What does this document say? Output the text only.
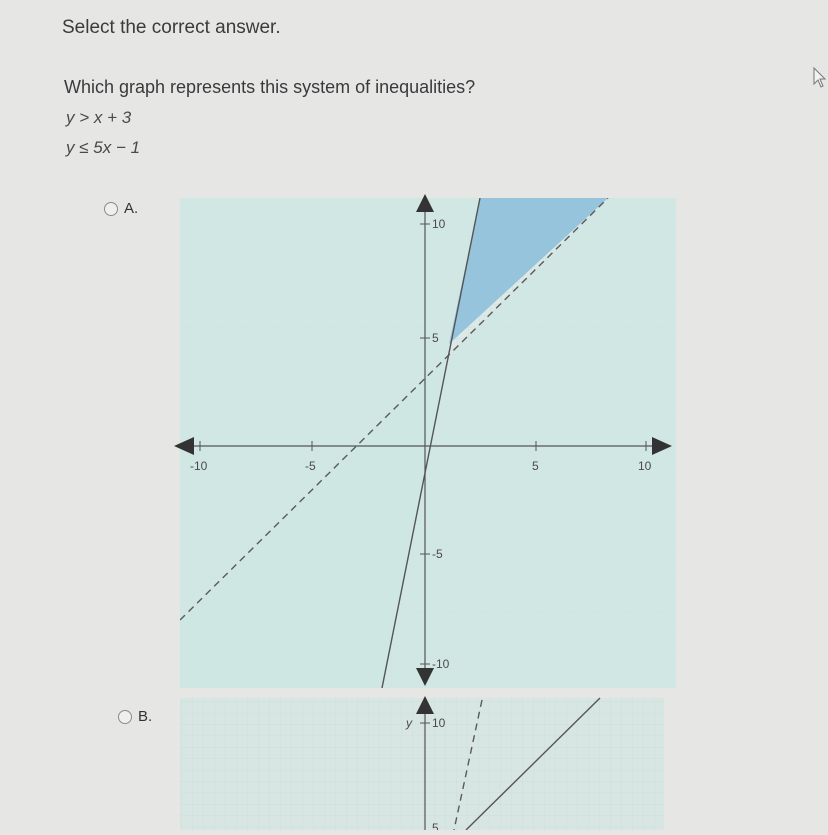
Select the correct answer.
Which graph represents this system of inequalities?
y > x + 3
y ≤ 5x − 1
A.
-10	-5	5	10
10
5
-5
-10
B.	y 10
5
